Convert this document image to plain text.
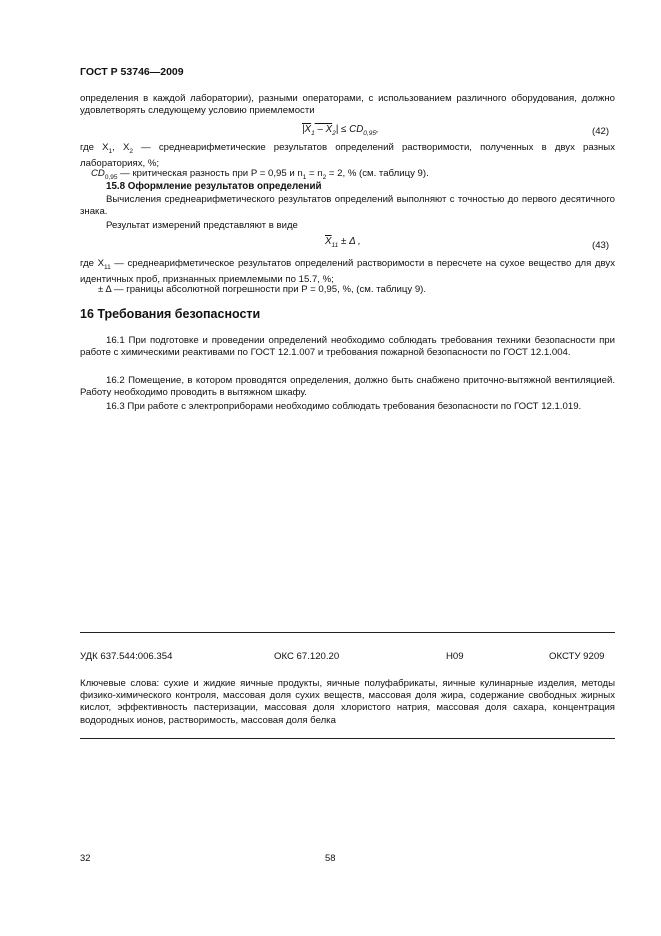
ГОСТ Р 53746—2009
определения в каждой лаборатории), разными операторами, с использованием различного оборудования, должно удовлетворять следующему условию приемлемости
$|X_1 - X_2| \le CD_{0,95}$,	(42)
где $X_1$, $X_2$ — среднеарифметические результатов определений растворимости, полученных в двух разных лабораториях, %;
$CD_{0,95}$ — критическая разность при P = 0,95 и $n_1 = n_2 = 2$, % (см. таблицу 9).
15.8 Оформление результатов определений
Вычисления среднеарифметического результатов определений выполняют с точностью до первого десятичного знака.
Результат измерений представляют в виде
$\overline{X}_{11} \pm \Delta$ ,	(43)
где $X_{11}$ — среднеарифметическое результатов определений растворимости в пересчете на сухое вещество для двух идентичных проб, признанных приемлемыми по 15.7, %;
± Δ — границы абсолютной погрешности при P = 0,95, %, (см. таблицу 9).
16 Требования безопасности
16.1 При подготовке и проведении определений необходимо соблюдать требования техники безопасности при работе с химическими реактивами по ГОСТ 12.1.007 и требования пожарной безопасности по ГОСТ 12.1.004.
16.2 Помещение, в котором проводятся определения, должно быть снабжено приточно-вытяжной вентиляцией. Работу необходимо проводить в вытяжном шкафу.
16.3 При работе с электроприборами необходимо соблюдать требования безопасности по ГОСТ 12.1.019.
УДК 637.544:006.354	ОКС 67.120.20	Н09	ОКСТУ 9209
Ключевые слова: сухие и жидкие яичные продукты, яичные полуфабрикаты, яичные кулинарные изделия, методы физико-химического контроля, массовая доля сухих веществ, массовая доля жира, содержание свободных жирных кислот, эффективность пастеризации, массовая доля хлористого натрия, массовая доля сахара, концентрация водородных ионов, растворимость, массовая доля белка
32	58
